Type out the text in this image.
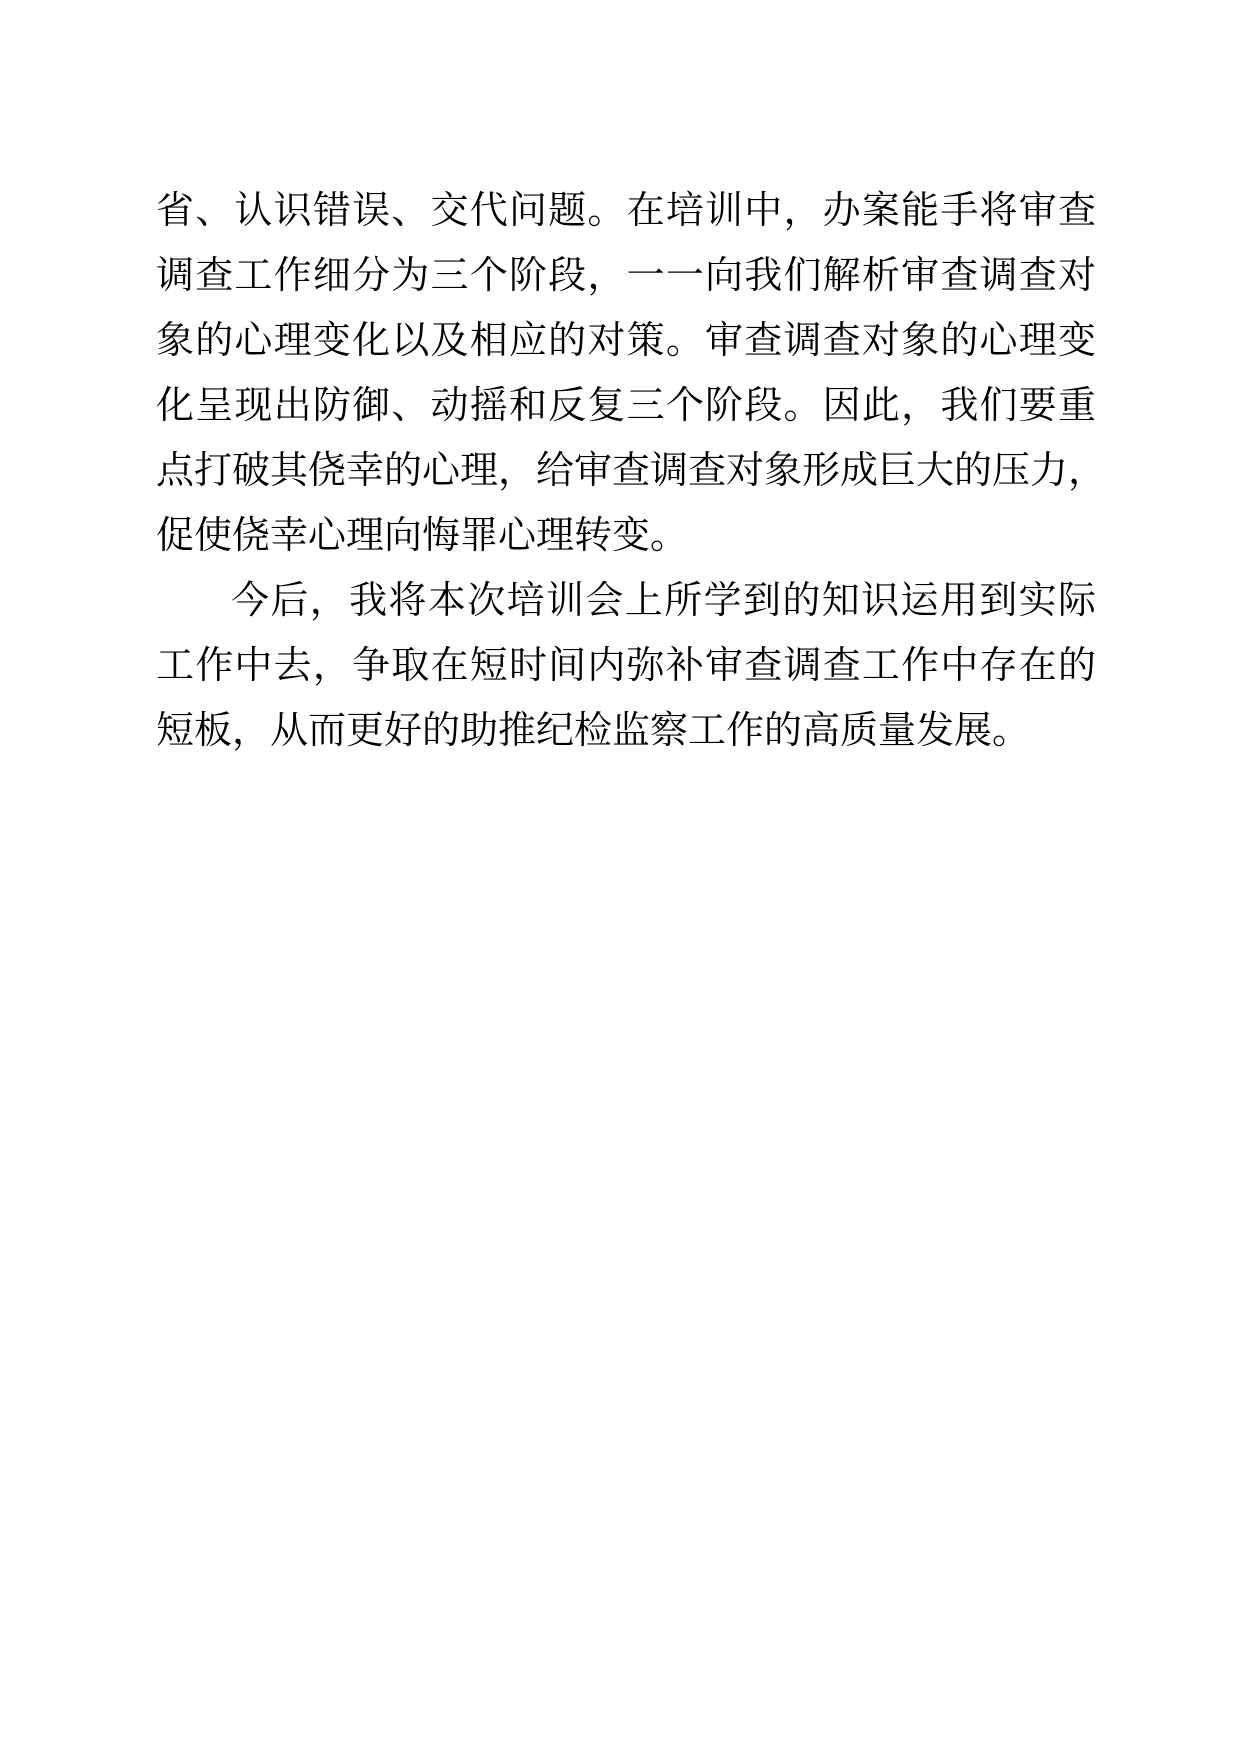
省、认识错误、交代问题。在培训中，办案能手将审查
调查工作细分为三个阶段，一一向我们解析审查调查对
象的心理变化以及相应的对策。审查调查对象的心理变
化呈现出防御、动摇和反复三个阶段。因此，我们要重
点打破其侥幸的心理，给审查调查对象形成巨大的压力，
促使侥幸心理向悔罪心理转变。
今后，我将本次培训会上所学到的知识运用到实际
工作中去，争取在短时间内弥补审查调查工作中存在的
短板，从而更好的助推纪检监察工作的高质量发展。
